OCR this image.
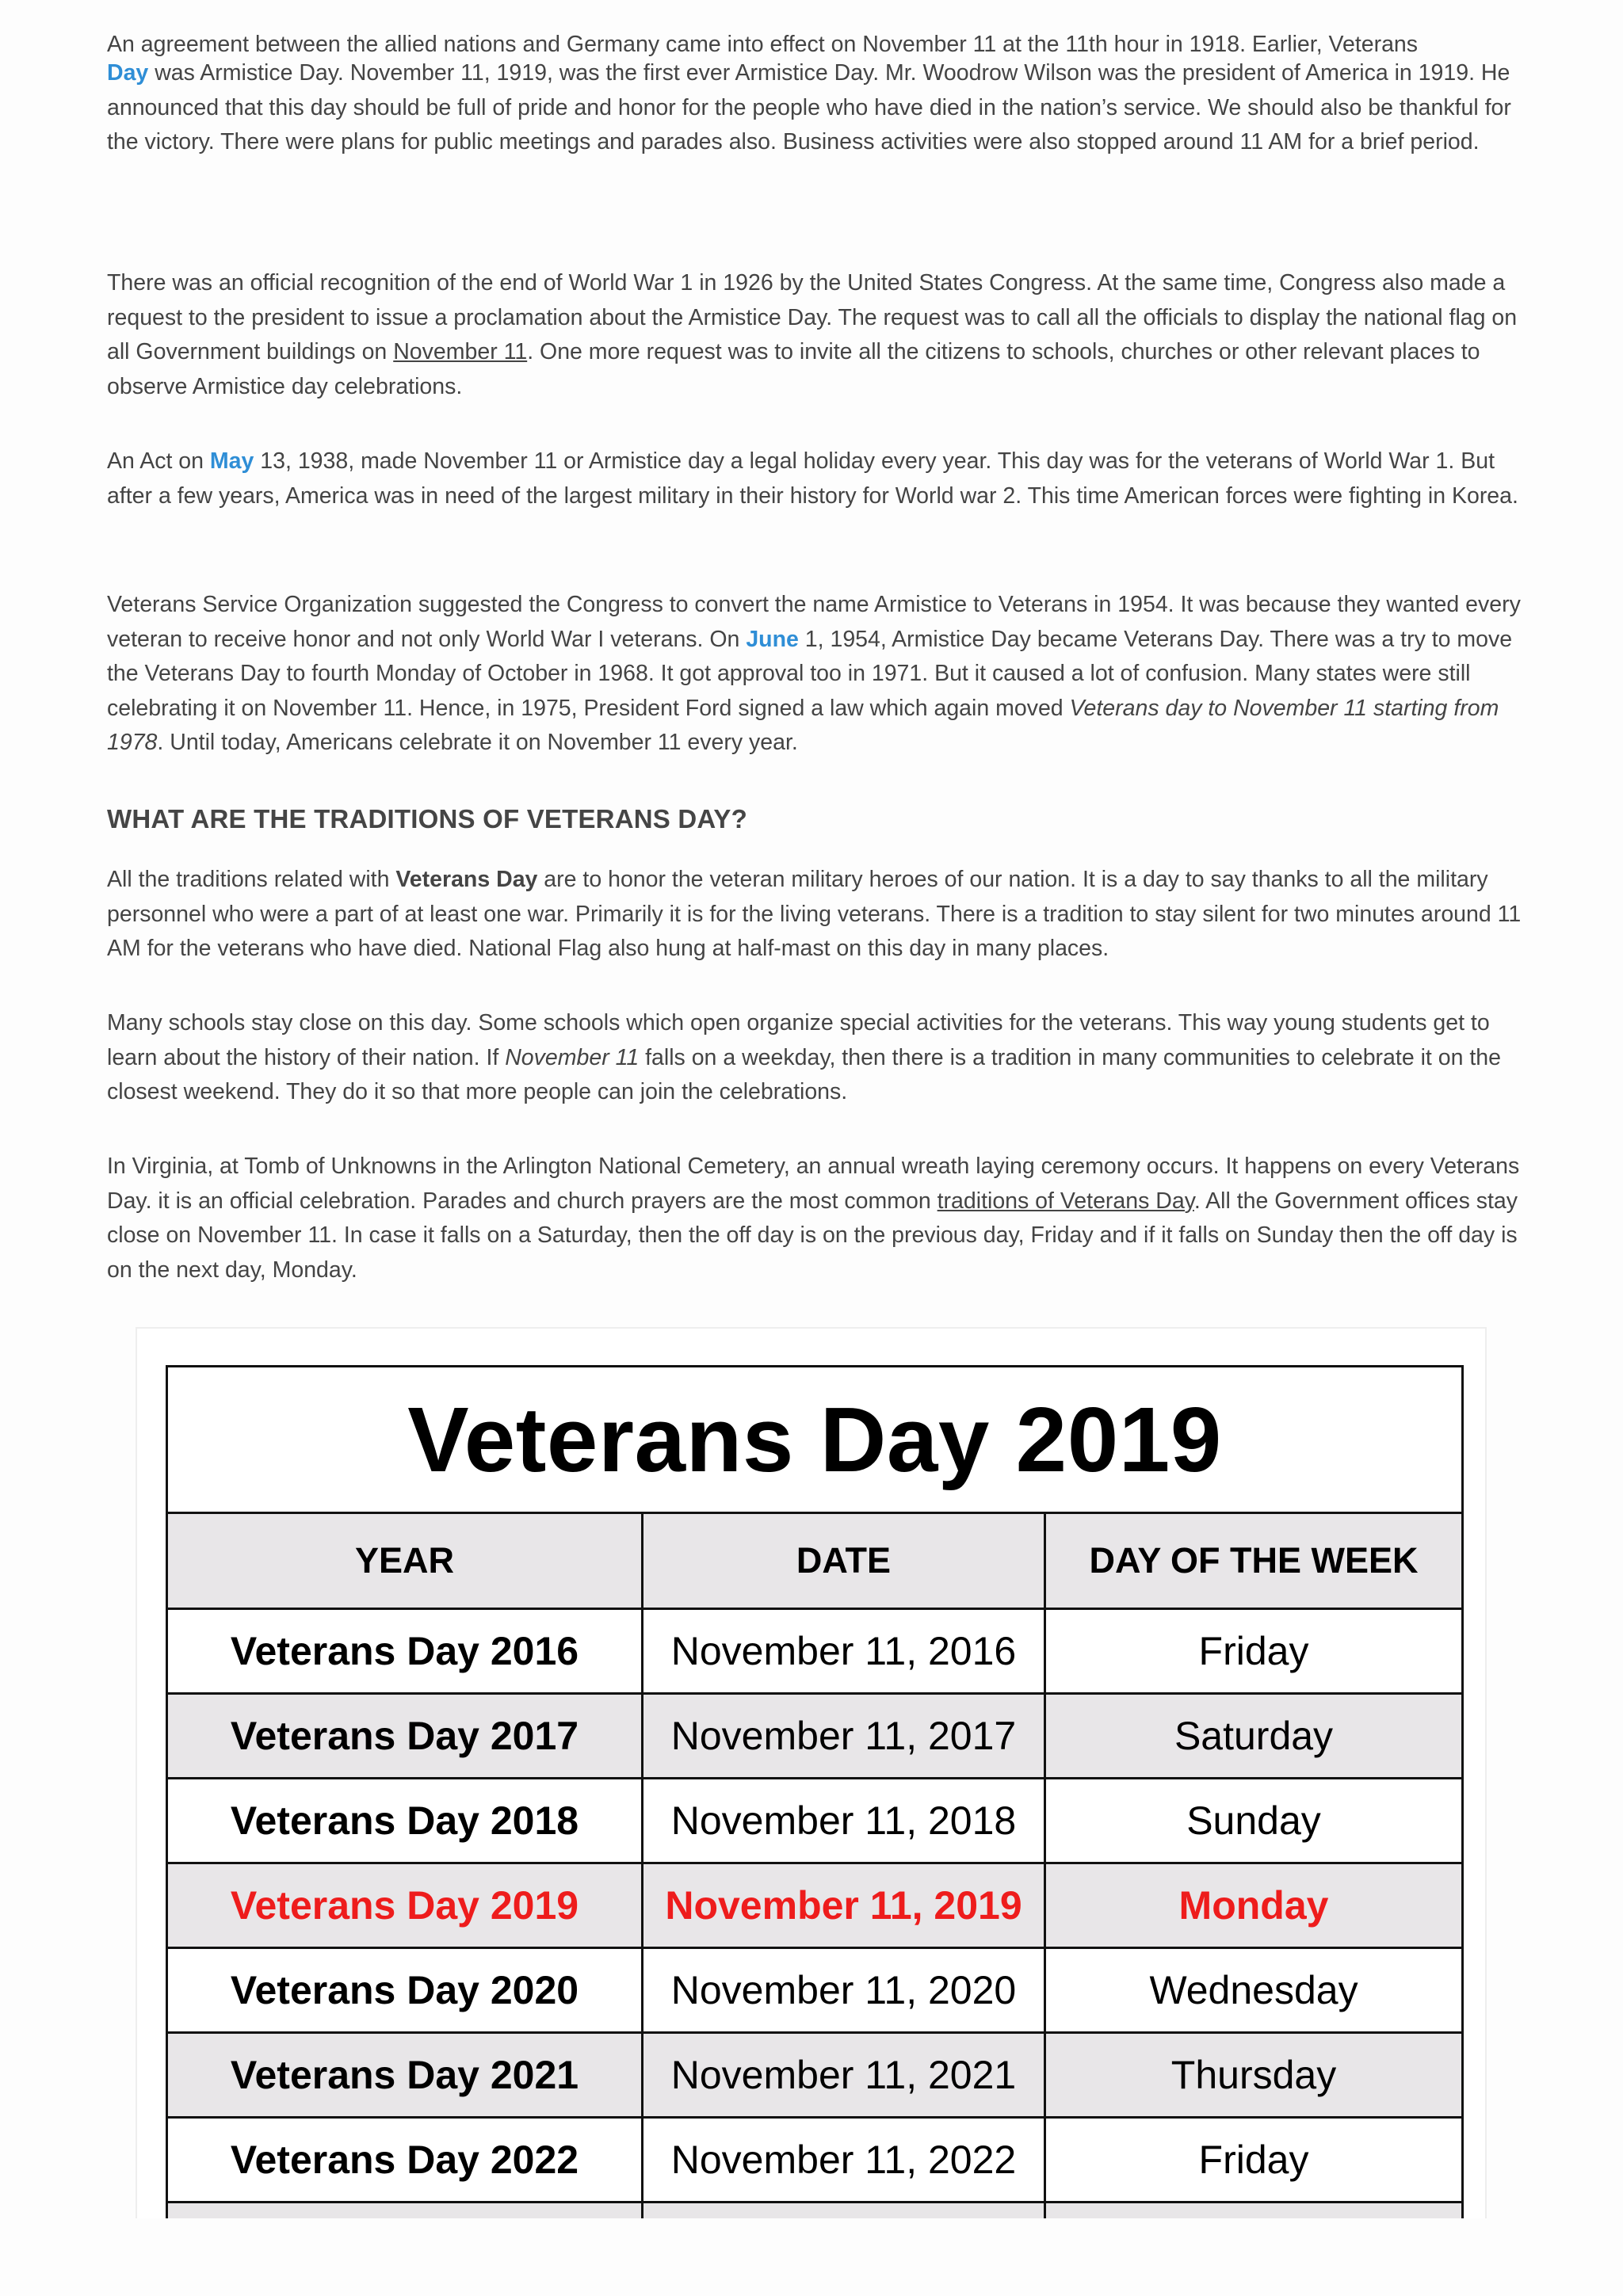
An agreement between the allied nations and Germany came into effect on November 11 at the 11th hour in 1918. Earlier, Veterans

Day was Armistice Day. November 11, 1919, was the first ever Armistice Day. Mr. Woodrow Wilson was the president of America in 1919. He announced that this day should be full of pride and honor for the people who have died in the nation’s service. We should also be thankful for the victory. There were plans for public meetings and parades also. Business activities were also stopped around 11 AM for a brief period.

There was an official recognition of the end of World War 1 in 1926 by the United States Congress. At the same time, Congress also made a request to the president to issue a proclamation about the Armistice Day. The request was to call all the officials to display the national flag on all Government buildings on November 11. One more request was to invite all the citizens to schools, churches or other relevant places to observe Armistice day celebrations.

An Act on May 13, 1938, made November 11 or Armistice day a legal holiday every year. This day was for the veterans of World War 1. But after a few years, America was in need of the largest military in their history for World war 2. This time American forces were fighting in Korea.

Veterans Service Organization suggested the Congress to convert the name Armistice to Veterans in 1954. It was because they wanted every veteran to receive honor and not only World War I veterans. On June 1, 1954, Armistice Day became Veterans Day. There was a try to move the Veterans Day to fourth Monday of October in 1968. It got approval too in 1971. But it caused a lot of confusion. Many states were still celebrating it on November 11. Hence, in 1975, President Ford signed a law which again moved Veterans day to November 11 starting from 1978. Until today, Americans celebrate it on November 11 every year.

WHAT ARE THE TRADITIONS OF VETERANS DAY?

All the traditions related with Veterans Day are to honor the veteran military heroes of our nation. It is a day to say thanks to all the military personnel who were a part of at least one war. Primarily it is for the living veterans. There is a tradition to stay silent for two minutes around 11 AM for the veterans who have died. National Flag also hung at half-mast on this day in many places.

Many schools stay close on this day. Some schools which open organize special activities for the veterans. This way young students get to learn about the history of their nation. If November 11 falls on a weekday, then there is a tradition in many communities to celebrate it on the closest weekend. They do it so that more people can join the celebrations.

In Virginia, at Tomb of Unknowns in the Arlington National Cemetery, an annual wreath laying ceremony occurs. It happens on every Veterans Day. it is an official celebration. Parades and church prayers are the most common traditions of Veterans Day. All the Government offices stay close on November 11. In case it falls on a Saturday, then the off day is on the previous day, Friday and if it falls on Sunday then the off day is on the next day, Monday.

Veterans Day 2019		
YEAR	DATE	DAY OF THE WEEK
Veterans Day 2016	November 11, 2016	Friday
Veterans Day 2017	November 11, 2017	Saturday
Veterans Day 2018	November 11, 2018	Sunday
Veterans Day 2019	November 11, 2019	Monday
Veterans Day 2020	November 11, 2020	Wednesday
Veterans Day 2021	November 11, 2021	Thursday
Veterans Day 2022	November 11, 2022	Friday
